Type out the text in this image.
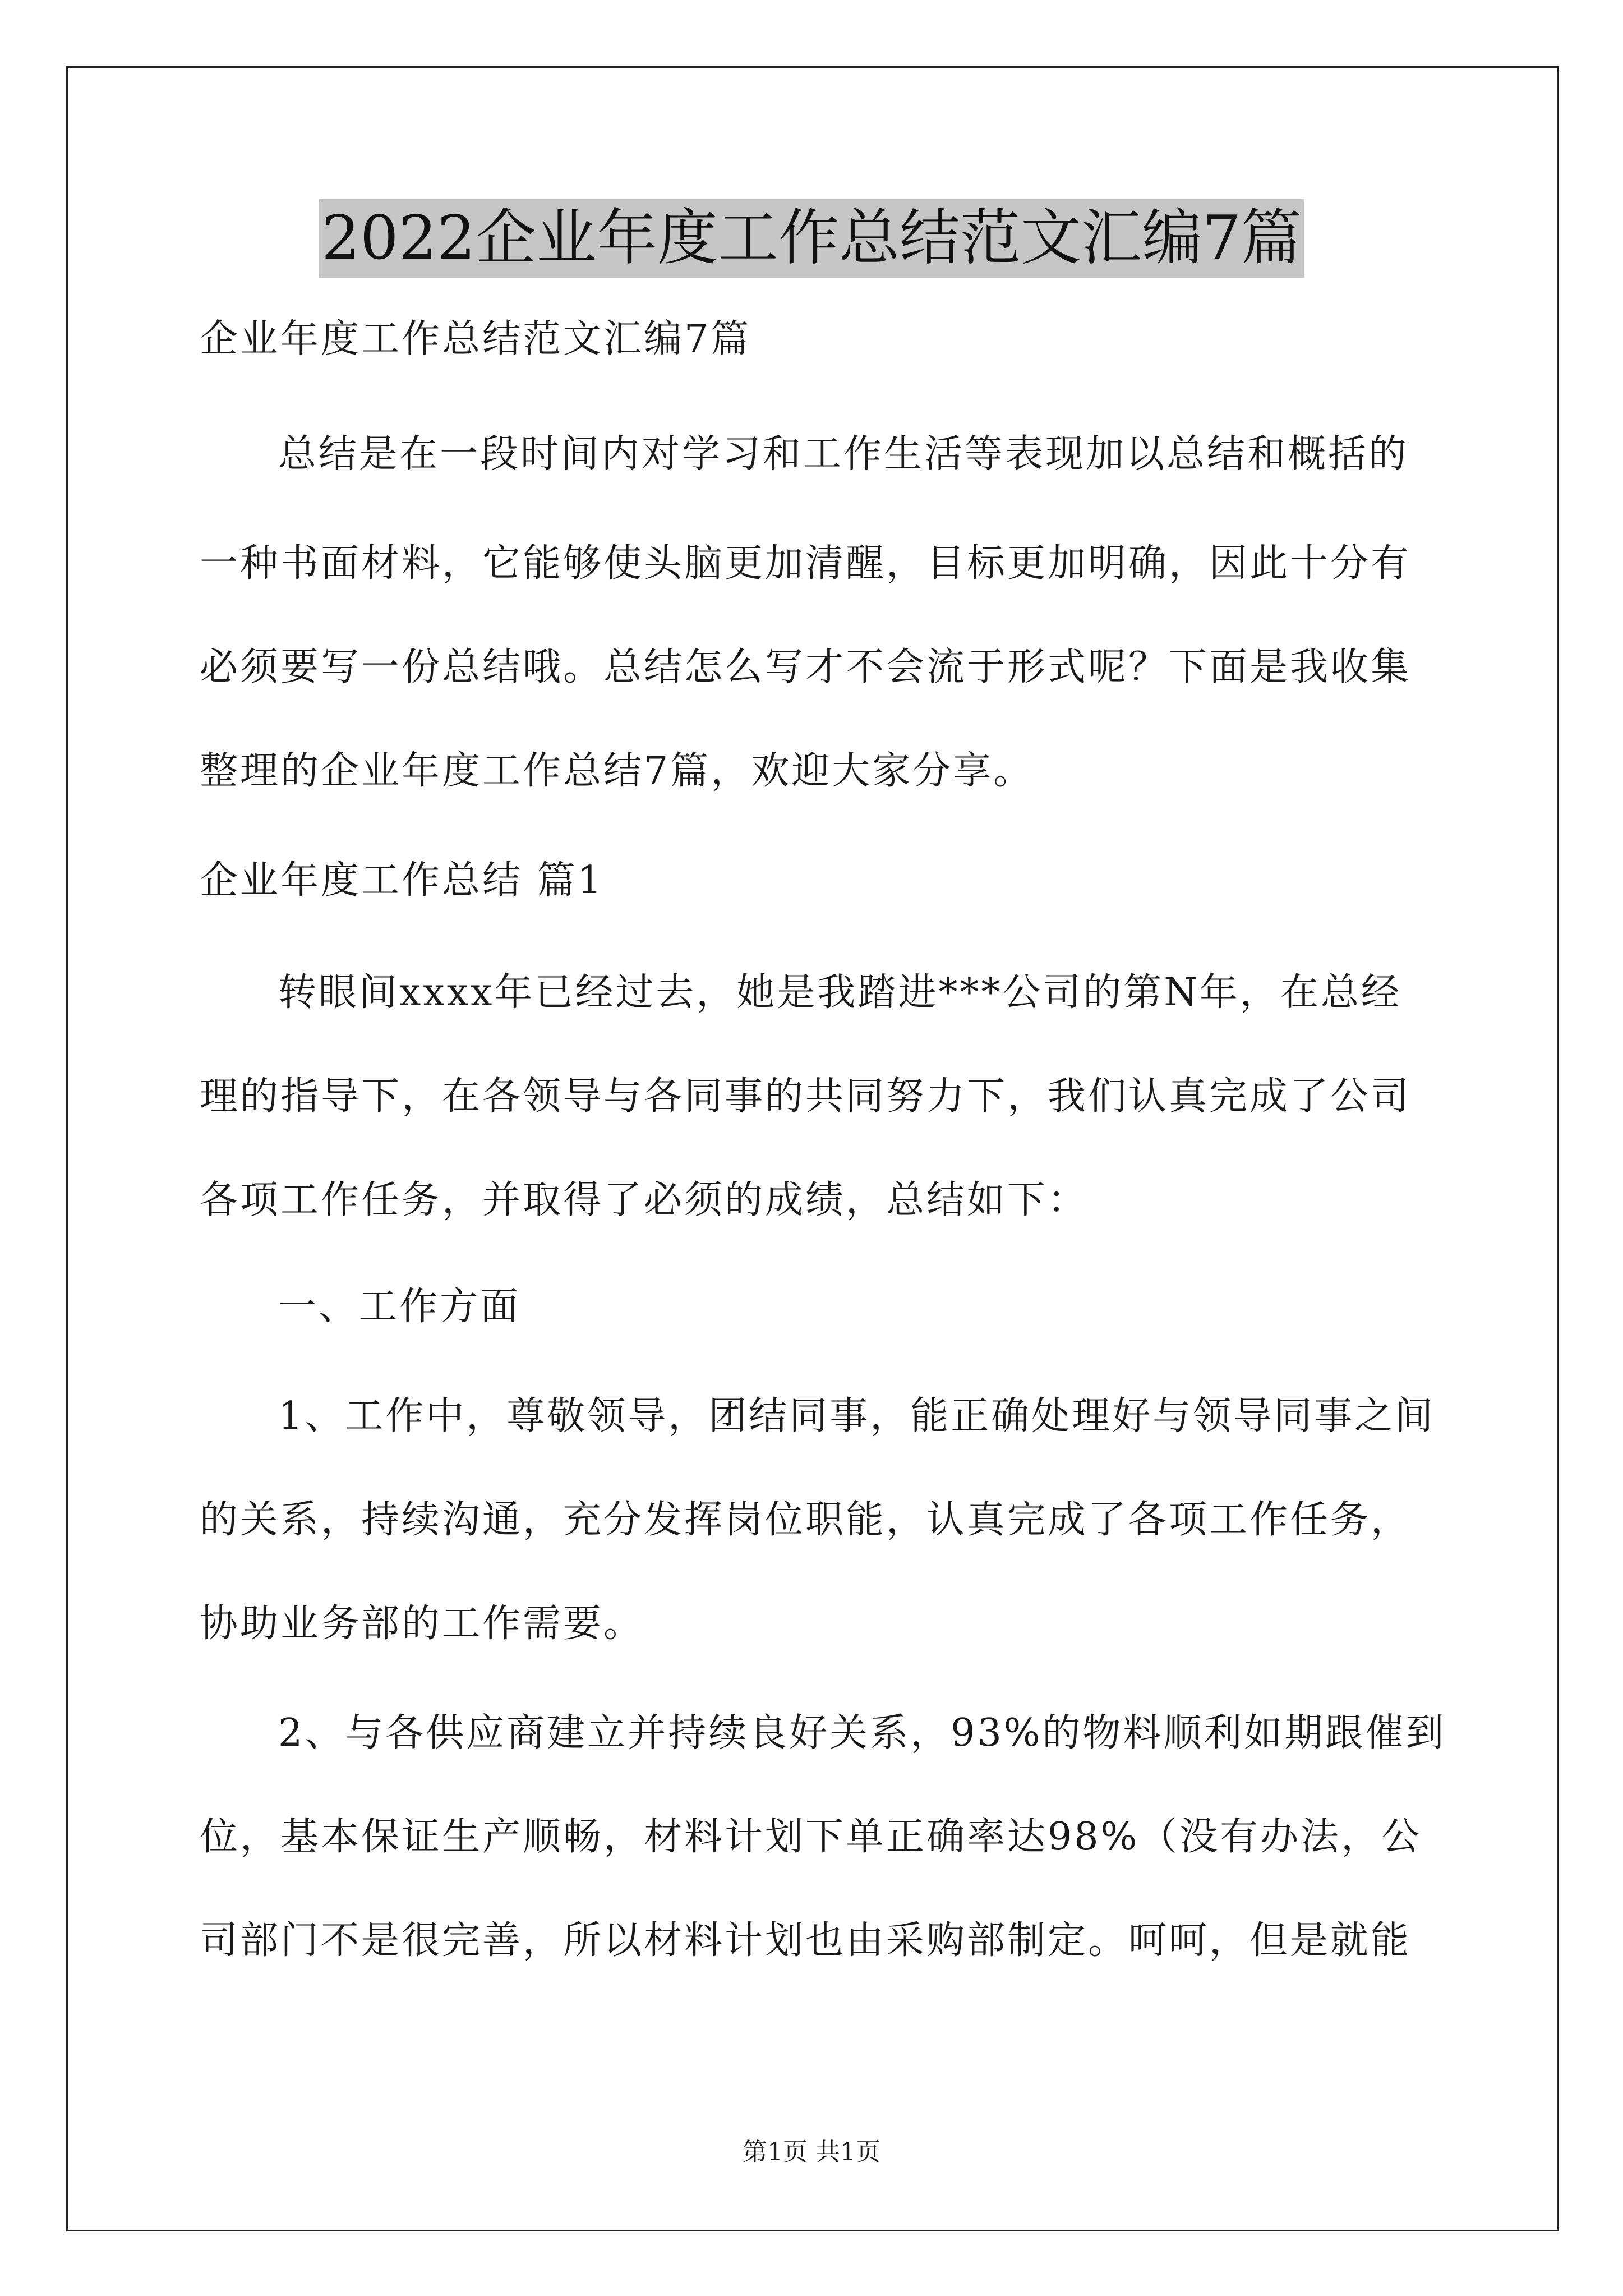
2022企业年度工作总结范文汇编7篇
企业年度工作总结范文汇编7篇
总结是在一段时间内对学习和工作生活等表现加以总结和概括的
一种书面材料，它能够使头脑更加清醒，目标更加明确，因此十分有
必须要写一份总结哦。总结怎么写才不会流于形式呢？下面是我收集
整理的企业年度工作总结7篇，欢迎大家分享。
企业年度工作总结 篇1
转眼间xxxx年已经过去，她是我踏进***公司的第N年，在总经
理的指导下，在各领导与各同事的共同努力下，我们认真完成了公司
各项工作任务，并取得了必须的成绩，总结如下：
一、工作方面
1、工作中，尊敬领导，团结同事，能正确处理好与领导同事之间
的关系，持续沟通，充分发挥岗位职能，认真完成了各项工作任务，
协助业务部的工作需要。
2、与各供应商建立并持续良好关系，93%的物料顺利如期跟催到
位，基本保证生产顺畅，材料计划下单正确率达98%（没有办法，公
司部门不是很完善，所以材料计划也由采购部制定。呵呵，但是就能
第1页 共1页
